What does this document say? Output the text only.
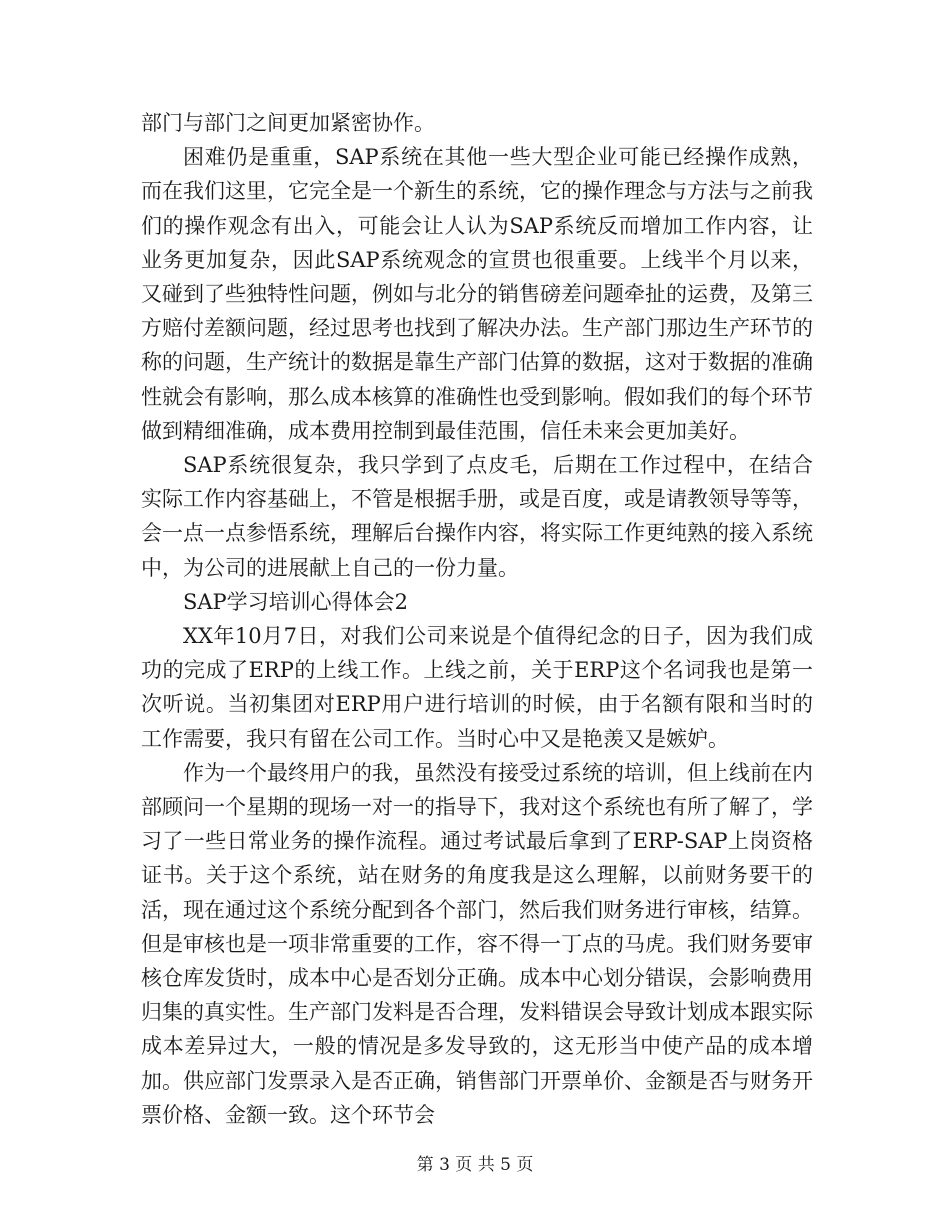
部门与部门之间更加紧密协作。

困难仍是重重，SAP系统在其他一些大型企业可能已经操作成熟，而在我们这里，它完全是一个新生的系统，它的操作理念与方法与之前我们的操作观念有出入，可能会让人认为SAP系统反而增加工作内容，让业务更加复杂，因此SAP系统观念的宣贯也很重要。上线半个月以来，又碰到了些独特性问题，例如与北分的销售磅差问题牵扯的运费，及第三方赔付差额问题，经过思考也找到了解决办法。生产部门那边生产环节的称的问题，生产统计的数据是靠生产部门估算的数据，这对于数据的准确性就会有影响，那么成本核算的准确性也受到影响。假如我们的每个环节做到精细准确，成本费用控制到最佳范围，信任未来会更加美好。

SAP系统很复杂，我只学到了点皮毛，后期在工作过程中，在结合实际工作内容基础上，不管是根据手册，或是百度，或是请教领导等等，会一点一点参悟系统，理解后台操作内容，将实际工作更纯熟的接入系统中，为公司的进展献上自己的一份力量。

SAP学习培训心得体会2

XX年10月7日，对我们公司来说是个值得纪念的日子，因为我们成功的完成了ERP的上线工作。上线之前，关于ERP这个名词我也是第一次听说。当初集团对ERP用户进行培训的时候，由于名额有限和当时的工作需要，我只有留在公司工作。当时心中又是艳羡又是嫉妒。

作为一个最终用户的我，虽然没有接受过系统的培训，但上线前在内部顾问一个星期的现场一对一的指导下，我对这个系统也有所了解了，学习了一些日常业务的操作流程。通过考试最后拿到了ERP-SAP上岗资格证书。关于这个系统，站在财务的角度我是这么理解，以前财务要干的活，现在通过这个系统分配到各个部门，然后我们财务进行审核，结算。但是审核也是一项非常重要的工作，容不得一丁点的马虎。我们财务要审核仓库发货时，成本中心是否划分正确。成本中心划分错误，会影响费用归集的真实性。生产部门发料是否合理，发料错误会导致计划成本跟实际成本差异过大，一般的情况是多发导致的，这无形当中使产品的成本增加。供应部门发票录入是否正确，销售部门开票单价、金额是否与财务开票价格、金额一致。这个环节会

第 3 页 共 5 页
